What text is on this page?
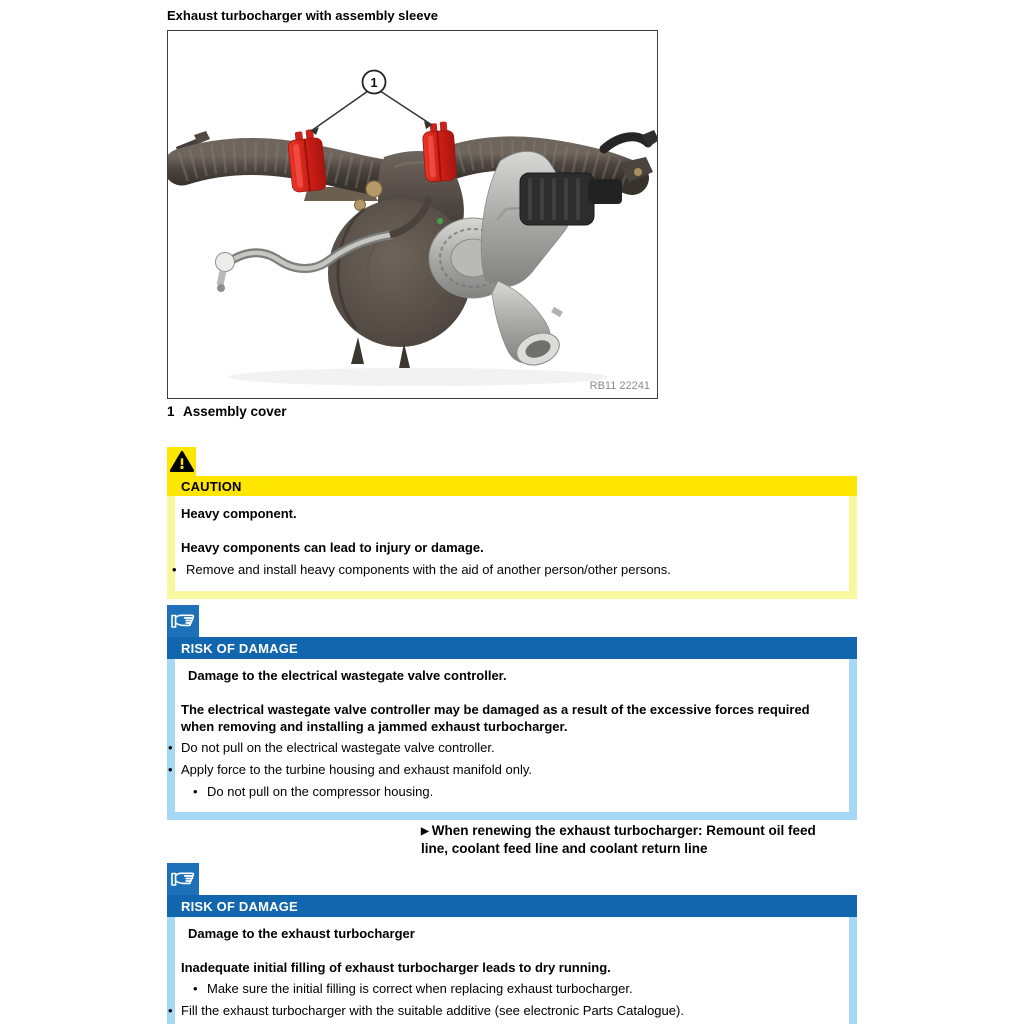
Exhaust turbocharger with assembly sleeve
1
RB11 22241
1 Assembly cover
CAUTION
Heavy component.
Heavy components can lead to injury or damage.
• Remove and install heavy components with the aid of another person/other persons.
RISK OF DAMAGE
Damage to the electrical wastegate valve controller.
The electrical wastegate valve controller may be damaged as a result of the excessive forces required when removing and installing a jammed exhaust turbocharger.
• Do not pull on the electrical wastegate valve controller.
• Apply force to the turbine housing and exhaust manifold only.
• Do not pull on the compressor housing.
▶ When renewing the exhaust turbocharger: Remount oil feed line, coolant feed line and coolant return line
RISK OF DAMAGE
Damage to the exhaust turbocharger
Inadequate initial filling of exhaust turbocharger leads to dry running.
• Make sure the initial filling is correct when replacing exhaust turbocharger.
• Fill the exhaust turbocharger with the suitable additive (see electronic Parts Catalogue).
